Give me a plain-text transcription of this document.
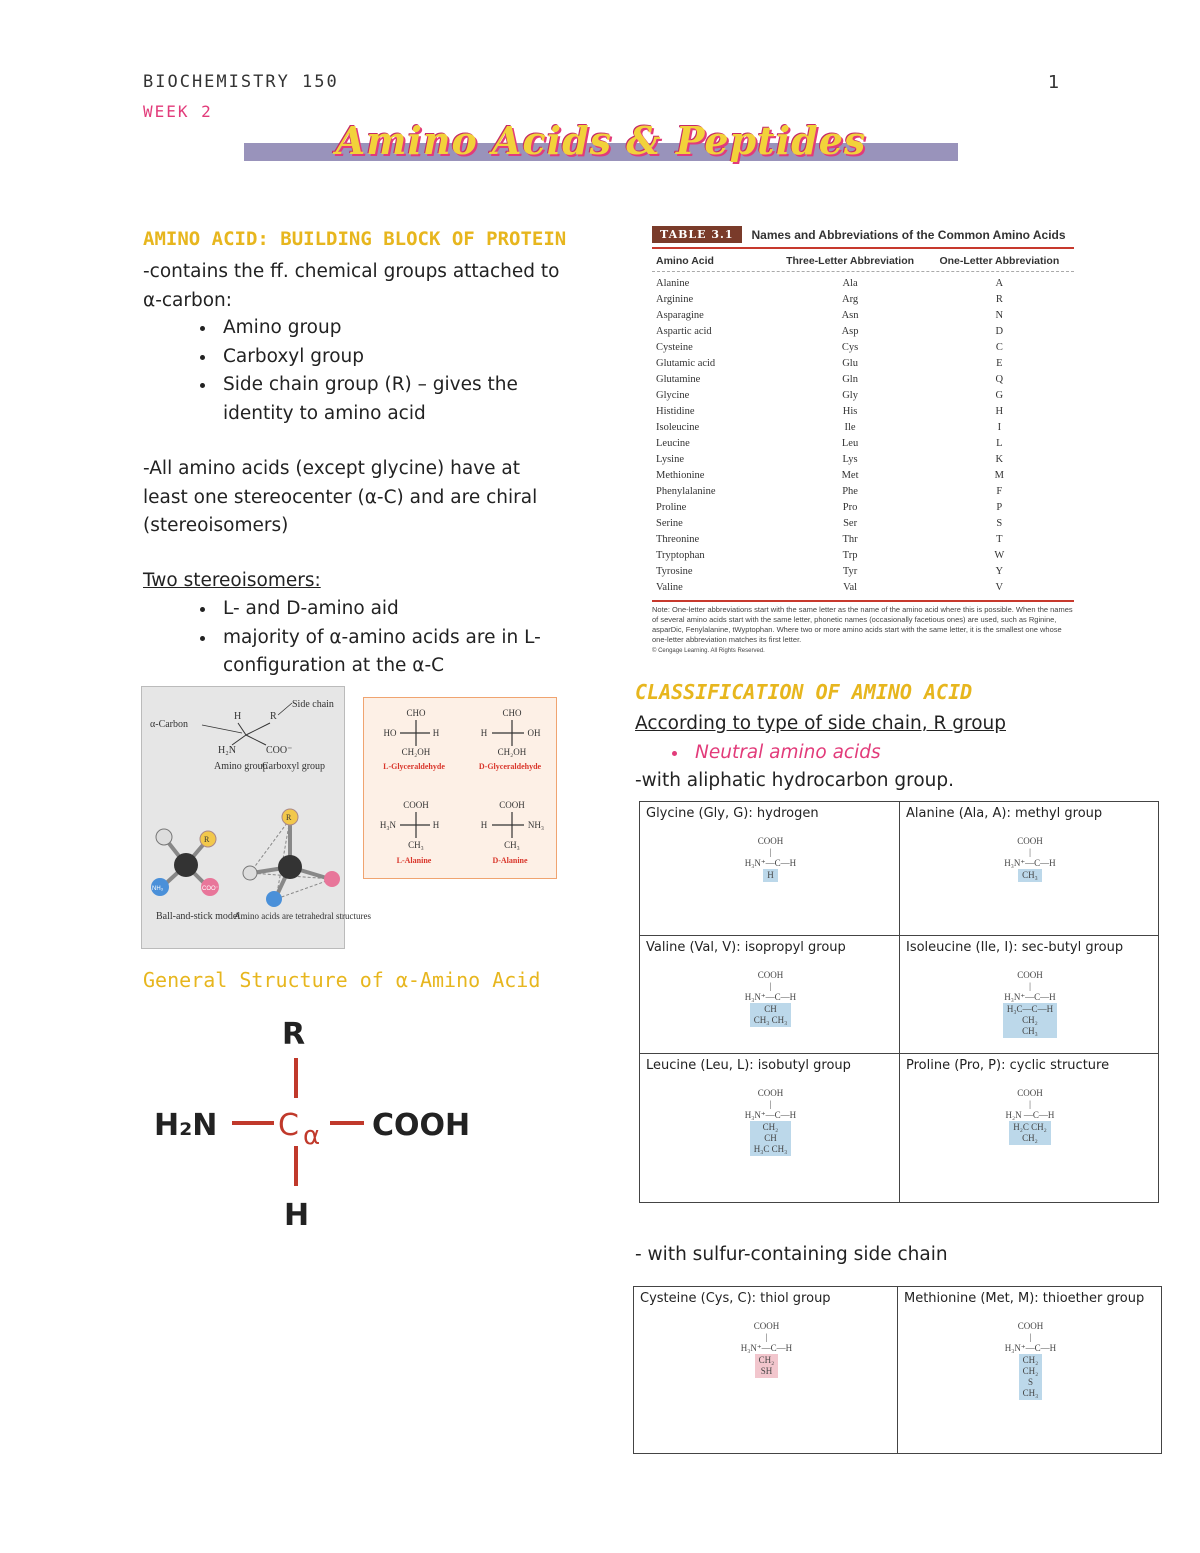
BIOCHEMISTRY 150
WEEK 2
1
Amino Acids & Peptides
AMINO ACID: BUILDING BLOCK OF PROTEIN
-contains the ff. chemical groups attached to α-carbon:
• Amino group
• Carboxyl group
• Side chain group (R) – gives the identity to amino acid
-All amino acids (except glycine) have at least one stereocenter (α-C) and are chiral (stereoisomers)
Two stereoisomers:
• L- and D-amino aid
• majority of α-amino acids are in L-configuration at the α-C
α-Carbon
Side chain
H	R
H₂N	COO⁻
Amino group
Carboxyl group
NH₃	COO⁻
R
R
Ball-and-stick model
Amino acids are tetrahedral structures
CHO
HO	H
CH₂OH
CHO
H	OH
CH₂OH
COOH
H₃N	H
CH₃
COOH
H	NH₃
CH₃
L-Glyceraldehyde	D-Glyceraldehyde
L-Alanine	D-Alanine
General Structure of α-Amino Acid
R
H₂N	COOH
H
C α
TABLE 3.1	Names and Abbreviations of the Common Amino Acids
Amino Acid	Three-Letter Abbreviation	One-Letter Abbreviation
Alanine	Ala	A
Arginine	Arg	R
Asparagine	Asn	N
Aspartic acid	Asp	D
Cysteine	Cys	C
Glutamic acid	Glu	E
Glutamine	Gln	Q
Glycine	Gly	G
Histidine	His	H
Isoleucine	Ile	I
Leucine	Leu	L
Lysine	Lys	K
Methionine	Met	M
Phenylalanine	Phe	F
Proline	Pro	P
Serine	Ser	S
Threonine	Thr	T
Tryptophan	Trp	W
Tyrosine	Tyr	Y
Valine	Val	V
Note: One-letter abbreviations start with the same letter as the name of the amino acid where this is possible. When the names of several amino acids start with the same letter, phonetic names (occasionally facetious ones) are used, such as Rginine, asparDic, Fenylalanine, tWyptophan. Where two or more amino acids start with the same letter, it is the smallest one whose one-letter abbreviation matches its first letter.
© Cengage Learning. All Rights Reserved.
CLASSIFICATION OF AMINO ACID
According to type of side chain, R group
• Neutral amino acids
-with aliphatic hydrocarbon group.
Glycine (Gly, G): hydrogen
COOH
|
H₃N⁺—C—H
H
Alanine (Ala, A): methyl group
COOH
|
H₃N⁺—C—H
CH₃
Valine (Val, V): isopropyl group
COOH
|
H₃N⁺—C—H
CH
CH₃ CH₃
Isoleucine (Ile, I): sec-butyl group
COOH
|
H₃N⁺—C—H
H₃C—C—H
CH₂
CH₃
Leucine (Leu, L): isobutyl group
COOH
|
H₃N⁺—C—H
CH₂
CH
H₃C CH₃
Proline (Pro, P): cyclic structure
COOH
|
H₂N —C—H
H₂C CH₂
CH₂
- with sulfur-containing side chain
Cysteine (Cys, C): thiol group
COOH
|
H₃N⁺—C—H
CH₂
SH
Methionine (Met, M): thioether group
COOH
|
H₃N⁺—C—H
CH₂
CH₂
S
CH₃
